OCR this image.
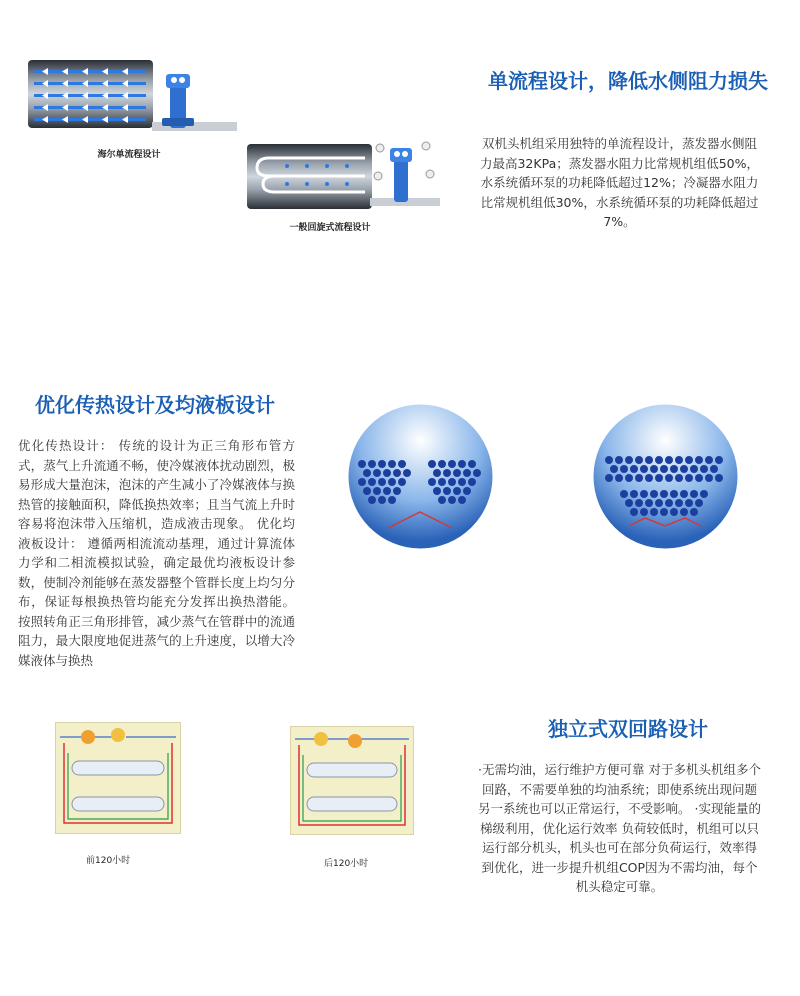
海尔单流程设计
一般回旋式流程设计
单流程设计，降低水侧阻力损失
双机头机组采用独特的单流程设计，蒸发器水侧阻力最高32KPa；蒸发器水阻力比常规机组低50%，水系统循环泵的功耗降低超过12%；冷凝器水阻力比常规机组低30%，水系统循环泵的功耗降低超过7%。
优化传热设计及均液板设计
优化传热设计： 传统的设计为正三角形布管方式，蒸气上升流通不畅，使冷媒液体扰动剧烈，极易形成大量泡沫，泡沫的产生减小了冷媒液体与换热管的接触面积，降低换热效率；且当气流上升时容易将泡沫带入压缩机，造成液击现象。 优化均液板设计： 遵循两相流流动基理，通过计算流体力学和二相流模拟试验，确定最优均液板设计参数，使制冷剂能够在蒸发器整个管群长度上均匀分布，保证每根换热管均能充分发挥出换热潜能。 按照转角正三角形排管，减少蒸气在管群中的流通阻力，最大限度地促进蒸气的上升速度，以增大冷媒液体与换热
前120小时	后120小时
独立式双回路设计
·无需均油，运行维护方便可靠 对于多机头机组多个回路，不需要单独的均油系统；即使系统出现问题另一系统也可以正常运行，不受影响。 ·实现能量的梯级利用，优化运行效率 负荷较低时，机组可以只运行部分机头，机头也可在部分负荷运行，效率得到优化，进一步提升机组COP因为不需均油，每个机头稳定可靠。
